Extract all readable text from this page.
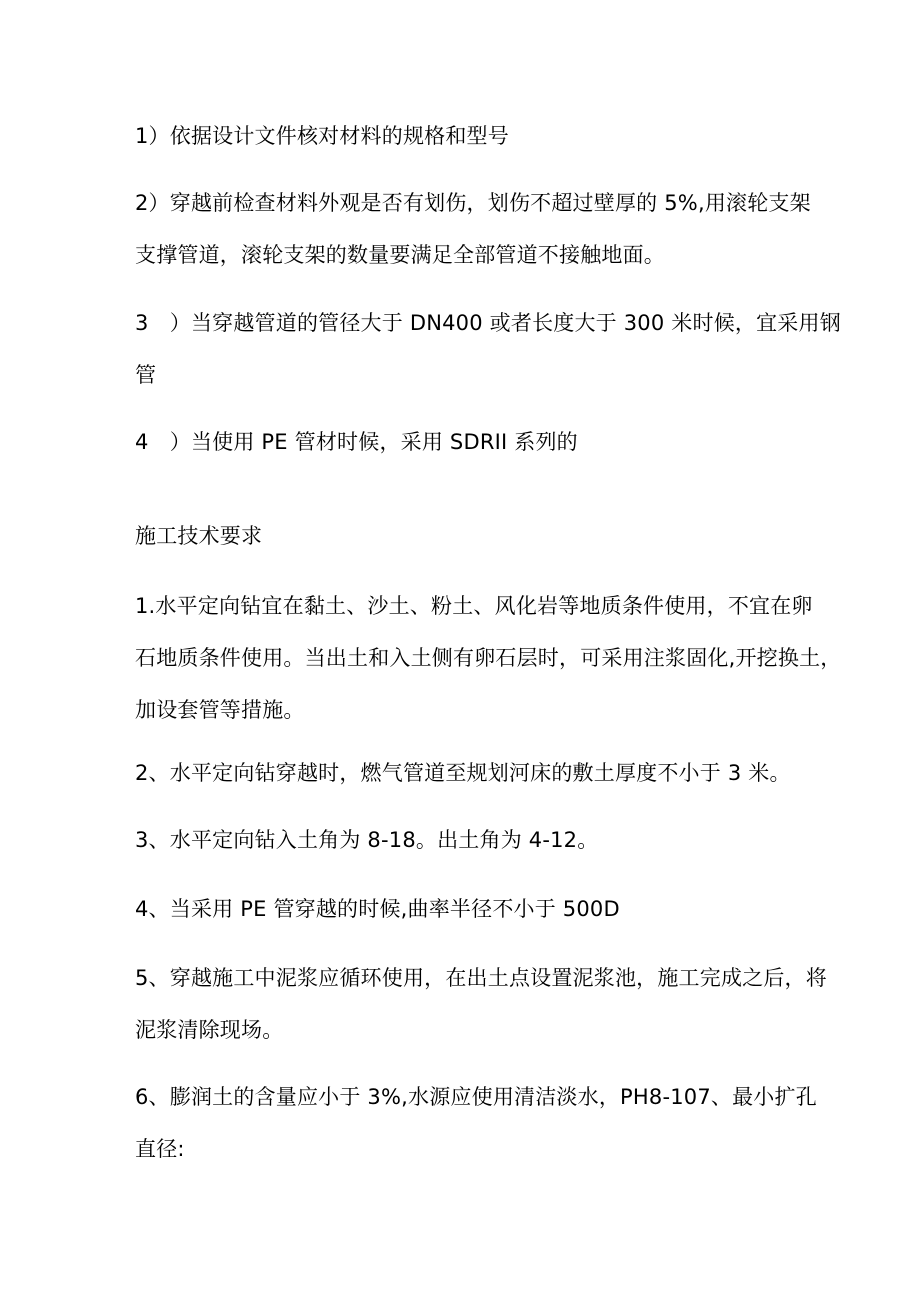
1）依据设计文件核对材料的规格和型号
2）穿越前检查材料外观是否有划伤，划伤不超过壁厚的 5%,用滚轮支架
支撑管道，滚轮支架的数量要满足全部管道不接触地面。
3　）当穿越管道的管径大于 DN400 或者长度大于 300 米时候，宜采用钢
管
4　）当使用 PE 管材时候，采用 SDRII 系列的
施工技术要求
1.水平定向钻宜在黏土、沙土、粉土、风化岩等地质条件使用，不宜在卵
石地质条件使用。当出土和入土侧有卵石层时，可采用注浆固化,开挖换土，
加设套管等措施。
2、水平定向钻穿越时，燃气管道至规划河床的敷土厚度不小于 3 米。
3、水平定向钻入土角为 8-18。出土角为 4-12。
4、当采用 PE 管穿越的时候,曲率半径不小于 500D
5、穿越施工中泥浆应循环使用，在出土点设置泥浆池，施工完成之后，将
泥浆清除现场。
6、膨润土的含量应小于 3%,水源应使用清洁淡水，PH8-107、最小扩孔
直径:
